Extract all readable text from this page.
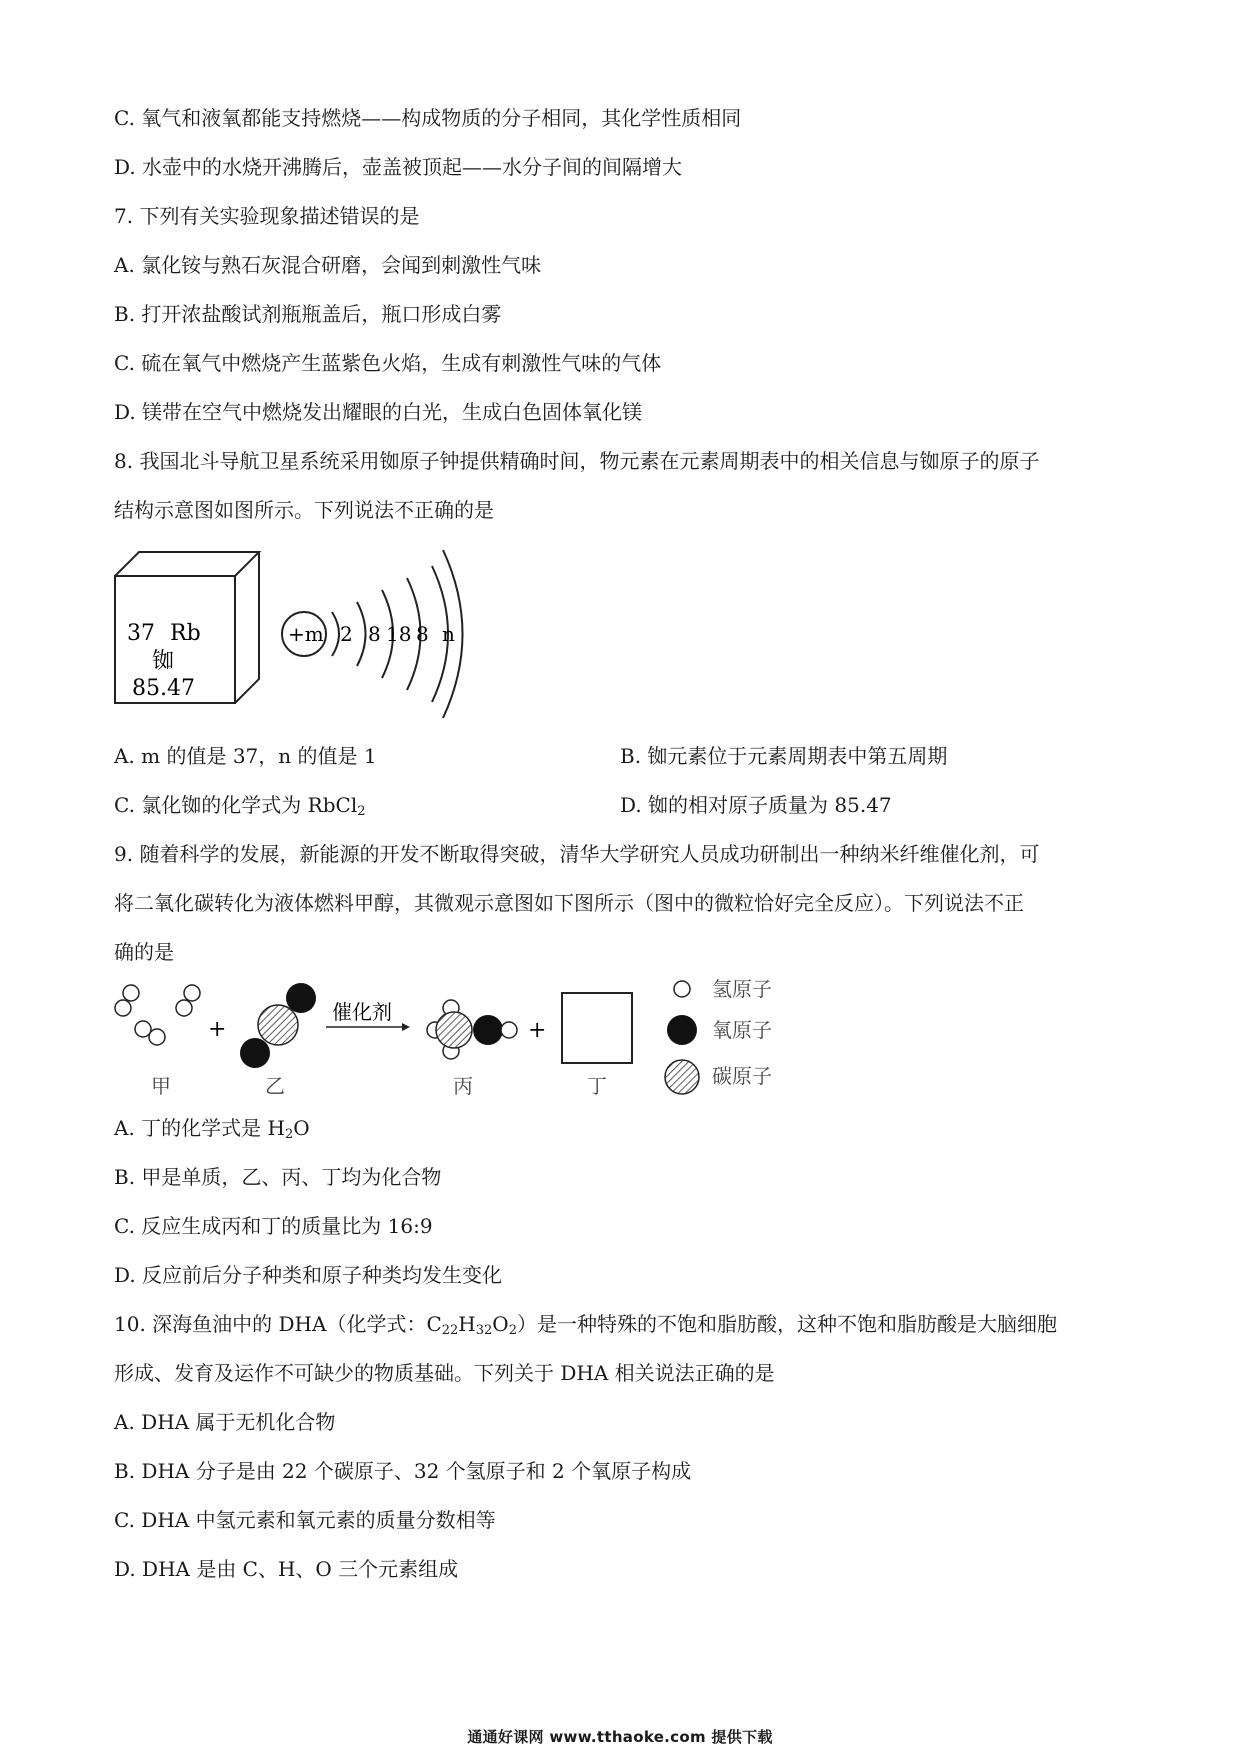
C. 氧气和液氧都能支持燃烧——构成物质的分子相同，其化学性质相同
D. 水壶中的水烧开沸腾后，壶盖被顶起——水分子间的间隔增大
7. 下列有关实验现象描述错误的是
A. 氯化铵与熟石灰混合研磨，会闻到刺激性气味
B. 打开浓盐酸试剂瓶瓶盖后，瓶口形成白雾
C. 硫在氧气中燃烧产生蓝紫色火焰，生成有刺激性气味的气体
D. 镁带在空气中燃烧发出耀眼的白光，生成白色固体氧化镁
8. 我国北斗导航卫星系统采用铷原子钟提供精确时间，物元素在元素周期表中的相关信息与铷原子的原子
结构示意图如图所示。下列说法不正确的是
37 Rb
铷
85.47
+m 2 8 18 8 n
A. m 的值是 37，n 的值是 1	B. 铷元素位于元素周期表中第五周期
C. 氯化铷的化学式为 RbCl$_2$	D. 铷的相对原子质量为 85.47
9. 随着科学的发展，新能源的开发不断取得突破，清华大学研究人员成功研制出一种纳米纤维催化剂，可
将二氧化碳转化为液体燃料甲醇，其微观示意图如下图所示（图中的微粒恰好完全反应）。下列说法不正
确的是
+
催化剂
+
氢原子
氧原子
碳原子
甲	乙	丙	丁
A. 丁的化学式是 $H_2O$
B. 甲是单质，乙、丙、丁均为化合物
C. 反应生成丙和丁的质量比为 16:9
D. 反应前后分子种类和原子种类均发生变化
10. 深海鱼油中的 DHA（化学式：$C_{22}H_{32}O_2$）是一种特殊的不饱和脂肪酸，这种不饱和脂肪酸是大脑细胞
形成、发育及运作不可缺少的物质基础。下列关于 DHA 相关说法正确的是
A. DHA 属于无机化合物
B. DHA 分子是由 22 个碳原子、32 个氢原子和 2 个氧原子构成
C. DHA 中氢元素和氧元素的质量分数相等
D. DHA 是由 C、H、O 三个元素组成
通通好课网 www.tthaoke.com 提供下载
